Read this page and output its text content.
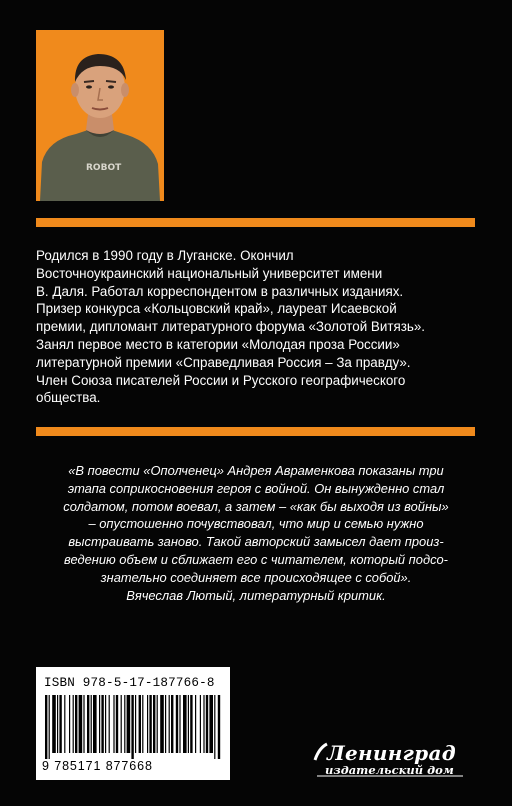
ROBOT

Родился в 1990 году в Луганске. Окончил

Восточноукраинский национальный университет имени

В. Даля. Работал корреспондентом в различных изданиях.

Призер конкурса «Кольцовский край», лауреат Исаевской

премии, дипломант литературного форума «Золотой Витязь».

Занял первое место в категории «Молодая проза России»

литературной премии «Справедливая Россия – За правду».

Член Союза писателей России и Русского географического

общества.

«В повести «Ополченец» Андрея Авраменкова показаны три

этапа соприкосновения героя с войной. Он вынужденно стал

солдатом, потом воевал, а затем – «как бы выходя из войны»

– опустошенно почувствовал, что мир и семью нужно

выстраивать заново. Такой авторский замысел дает произ-

ведению объем и сближает его с читателем, который подсо-

знательно соединяет все происходящее с собой».

Вячеслав Лютый, литературный критик.

ISBN 978-5-17-187766-8
9 785171 877668
Ленинград
издательский дом
